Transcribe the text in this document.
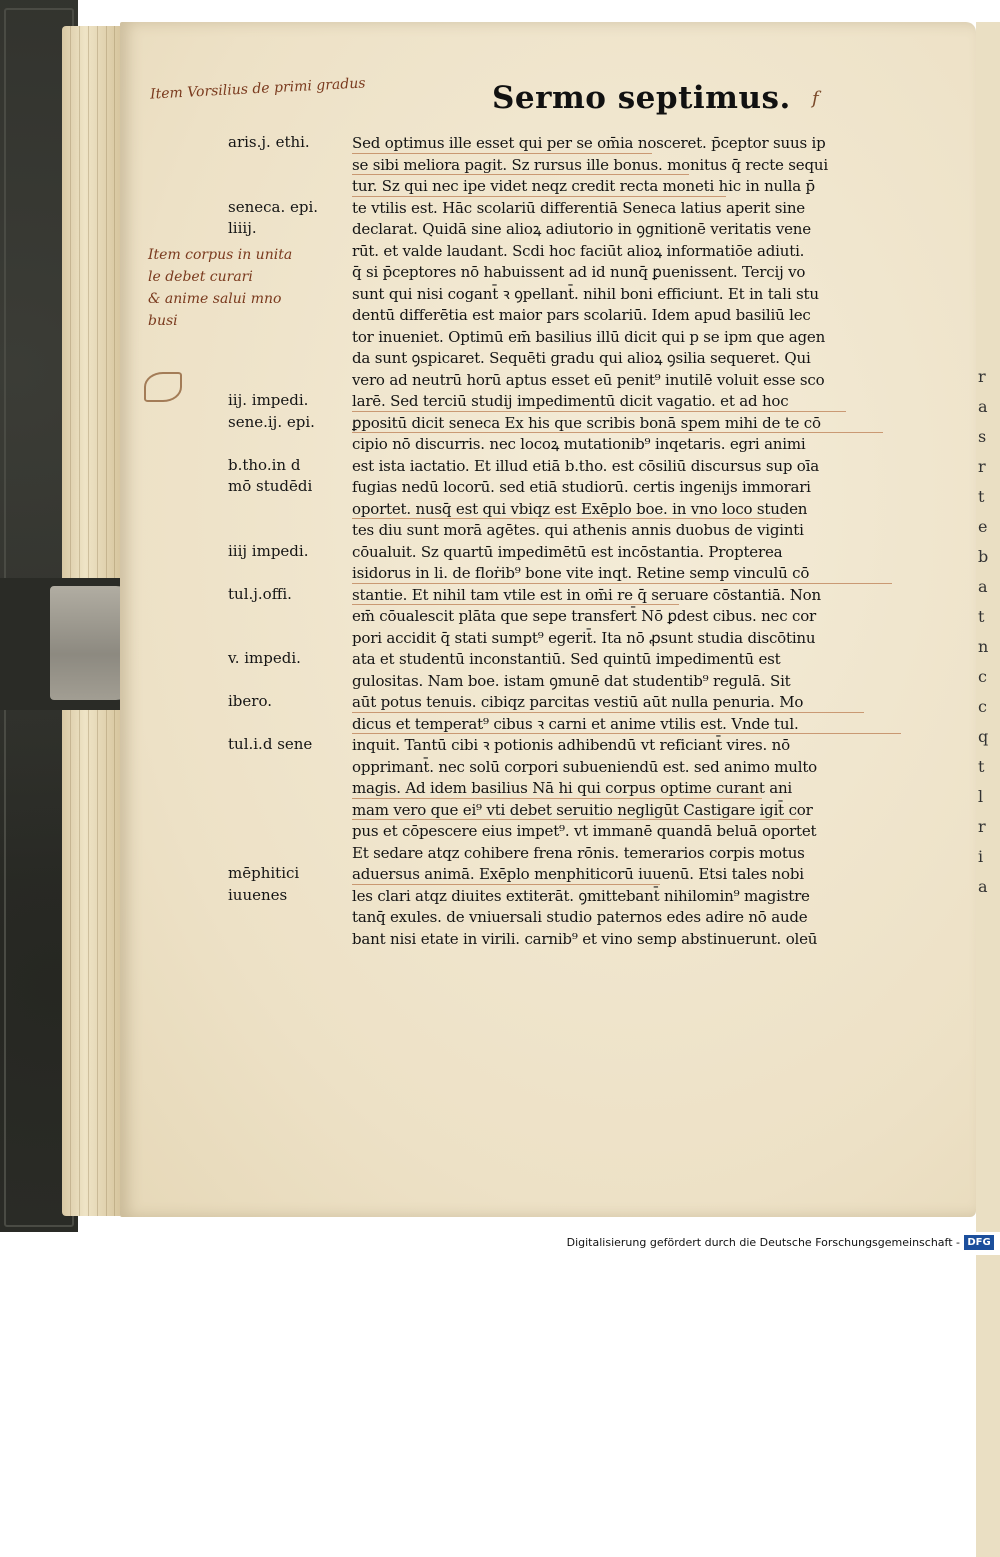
r
a
s
r
t
e
b
a
t
n
c
c
q
t
l
r
i
a
Sermo septimus. f
Item Vorsilius de primi gradus
Item corpus in unita
le debet curari
& anime salui mno
busi
aris.j. ethi.
seneca. epi.
liiij.
iij. impedi.
sene.ij. epi.
b.tho.in d
mō studēdi
iiij impedi.
tul.j.offi.
v. impedi.
ibero.
tul.i.d sene
mēphitici
iuuenes
Sed optimus ille esset qui per se om̄ia nosceret. p̄ceptor suus ip
se sibi meliora pagit. Sz rursus ille bonus. monitus q̄ recte sequi
tur. Sz qui nec ipe videt neqz credit recta moneti hic in nulla p̄
te vtilis est. Hāc scolariū differentiā Seneca latius aperit sine
declarat. Quidā sine alioꝝ adiutorio in ꝯgnitionē veritatis vene
rūt. et valde laudant. Scdi hoc faciūt alioꝝ informatiōe adiuti.
q̄ si p̄ceptores nō habuissent ad id nunq̄ ꝑuenissent. Tercij vo
sunt qui nisi cogant̄ ꝛ ꝯpellant̄. nihil boni efficiunt. Et in tali stu
dentū differētia est maior pars scolariū. Idem apud basiliū lec
tor inueniet. Optimū em̄ basilius illū dicit qui p se ipm que agen
da sunt ꝯspicaret. Sequēti gradu qui alioꝝ ꝯsilia sequeret. Qui
vero ad neutrū horū aptus esset eū penit⁹ inutilē voluit esse sco
larē. Sed terciū studij impedimentū dicit vagatio. et ad hoc
ꝑpositū dicit seneca Ex his que scribis bonā spem mihi de te cō
cipio nō discurris. nec locoꝝ mutationib⁹ inqetaris. egri animi
est ista iactatio. Et illud etiā b.tho. est cōsiliū discursus sup oīa
fugias nedū locorū. sed etiā studiorū. certis ingenijs immorari
oportet. nusq̄ est qui vbiqz est Exēplo boe. in vno loco studen
tes diu sunt morā agētes. qui athenis annis duobus de viginti
cōualuit. Sz quartū impedimētū est incōstantia. Propterea
isidorus in li. de floṙib⁹ bone vite inqt. Retine semp vinculū cō
stantie. Et nihil tam vtile est in om̄i re q̄ seruare cōstantiā. Non
em̄ cōualescit plāta que sepe transfert̄ Nō ꝑdest cibus. nec cor
pori accidit q̄ stati sumpt⁹ egerit̄. Ita nō ꝓsunt studia discōtinu
ata et studentū inconstantiū. Sed quintū impedimentū est
gulositas. Nam boe. istam ꝯmunē dat studentib⁹ regulā. Sit
aūt potus tenuis. cibiqz parcitas vestiū aūt nulla penuria. Mo
dicus et temperat⁹ cibus ꝛ carni et anime vtilis est. Vnde tul.
inquit. Tantū cibi ꝛ potionis adhibendū vt reficiant̄ vires. nō
opprimant̄. nec solū corpori subueniendū est. sed animo multo
magis. Ad idem basilius Nā hi qui corpus optime curant ani
mam vero que ei⁹ vti debet seruitio negligūt Castigare igit̄ cor
pus et cōpescere eius impet⁹. vt immanē quandā beluā oportet
Et sedare atqz cohibere frena rōnis. temerarios corpis motus
aduersus animā. Exēplo menphiticorū iuuenū. Etsi tales nobi
les clari atqz diuites extiterāt. ꝯmittebant̄ nihilomin⁹ magistre
tanq̄ exules. de vniuersali studio paternos edes adire nō aude
bant nisi etate in virili. carnib⁹ et vino semp abstinuerunt. oleū
Digitalisierung gefördert durch die Deutsche Forschungsgemeinschaft - DFG
